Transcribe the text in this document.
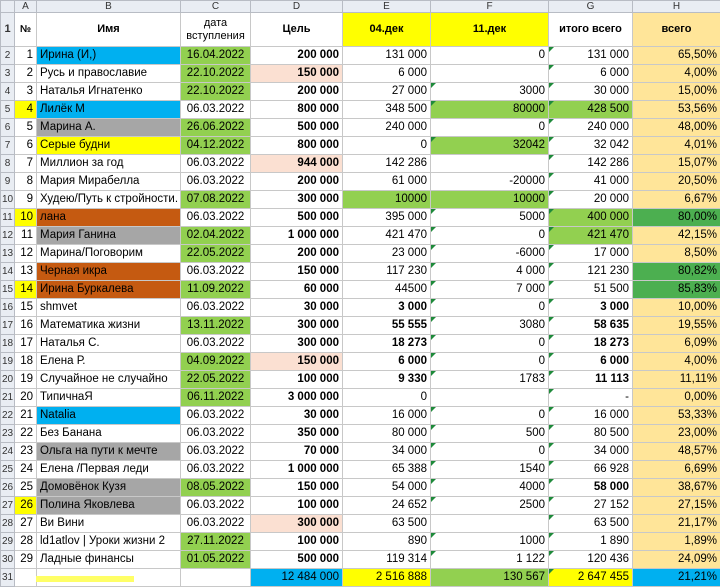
	A	B	C	D	E	F	G	H
1	№	Имя	дата вступления	Цель	04.дек	11.дек	итого всего	всего
2	1	Ирина (И,)	16.04.2022	200 000	131 000	0	131 000	65,50%
3	2	Русь и православие	22.10.2022	150 000	6 000		6 000	4,00%
4	3	Наталья Игнатенко	22.10.2022	200 000	27 000	3000	30 000	15,00%
5	4	Лилёк М	06.03.2022	800 000	348 500	80000	428 500	53,56%
6	5	Марина А.	26.06.2022	500 000	240 000	0	240 000	48,00%
7	6	Серые будни	04.12.2022	800 000	0	32042	32 042	4,01%
8	7	Миллион за год	06.03.2022	944 000	142 286		142 286	15,07%
9	8	Мария Мирабелла	06.03.2022	200 000	61 000	-20000	41 000	20,50%
10	9	Худею/Путь к стройности.	07.08.2022	300 000	10000	10000	20 000	6,67%
11	10	лана	06.03.2022	500 000	395 000	5000	400 000	80,00%
12	11	Мария Ганина	02.04.2022	1 000 000	421 470	0	421 470	42,15%
13	12	Марина/Поговорим	22.05.2022	200 000	23 000	-6000	17 000	8,50%
14	13	Черная икра	06.03.2022	150 000	117 230	4 000	121 230	80,82%
15	14	Ирина Буркалева	11.09.2022	60 000	44500	7 000	51 500	85,83%
16	15	shmvet	06.03.2022	30 000	3 000	0	3 000	10,00%
17	16	Математика жизни	13.11.2022	300 000	55 555	3080	58 635	19,55%
18	17	Наталья С.	06.03.2022	300 000	18 273	0	18 273	6,09%
19	18	Елена Р.	04.09.2022	150 000	6 000	0	6 000	4,00%
20	19	Случайное не случайно	22.05.2022	100 000	9 330	1783	11 113	11,11%
21	20	ТипичнаЯ	06.11.2022	3 000 000	0		-	0,00%
22	21	Natalia	06.03.2022	30 000	16 000	0	16 000	53,33%
23	22	Без Банана	06.03.2022	350 000	80 000	500	80 500	23,00%
24	23	Ольга на пути к мечте	06.03.2022	70 000	34 000	0	34 000	48,57%
25	24	Елена /Первая леди	06.03.2022	1 000 000	65 388	1540	66 928	6,69%
26	25	Домовёнок Кузя	08.05.2022	150 000	54 000	4000	58 000	38,67%
27	26	Полина Яковлева	06.03.2022	100 000	24 652	2500	27 152	27,15%
28	27	Ви Вини	06.03.2022	300 000	63 500		63 500	21,17%
29	28	ld1atlov | Уроки жизни 2	27.11.2022	100 000	890	1000	1 890	1,89%
30	29	Ладные финансы	01.05.2022	500 000	119 314	1 122	120 436	24,09%
31				12 484 000	2 516 888	130 567	2 647 455	21,21%
